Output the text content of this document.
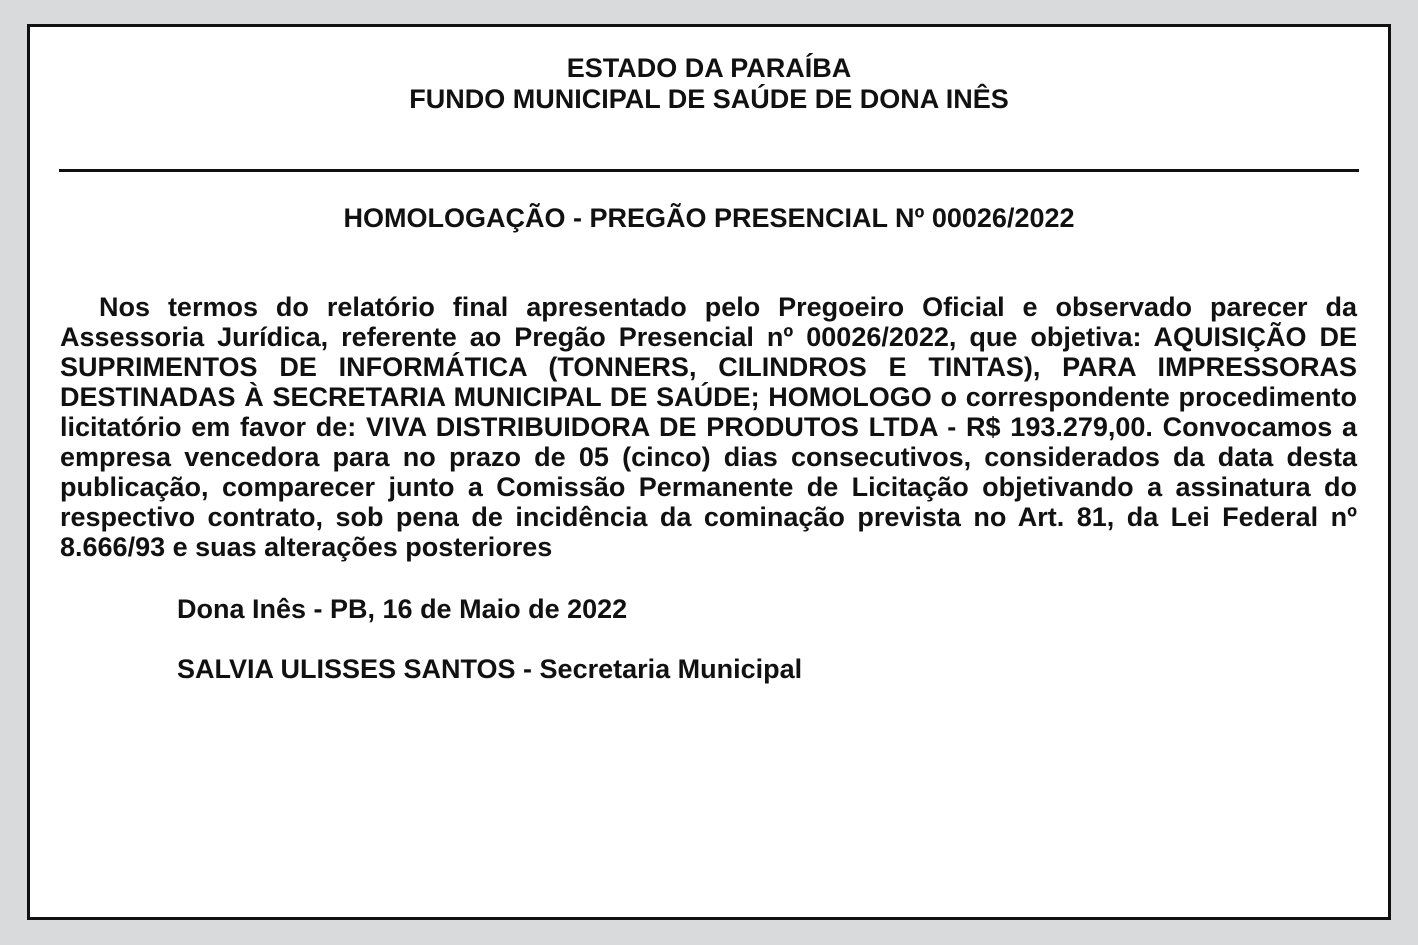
ESTADO DA PARAÍBA
FUNDO MUNICIPAL DE SAÚDE DE DONA INÊS
HOMOLOGAÇÃO - PREGÃO PRESENCIAL Nº 00026/2022

Nos termos do relatório final apresentado pelo Pregoeiro Oficial e observado parecer da Assessoria Jurídica, referente ao Pregão Presencial nº 00026/2022, que objetiva: AQUISIÇÃO DE SUPRIMENTOS DE INFORMÁTICA (TONNERS, CILINDROS E TINTAS), PARA IMPRESSORAS DESTINADAS À SECRETARIA MUNICIPAL DE SAÚDE; HOMOLOGO o correspondente procedimento licitatório em favor de: VIVA DISTRIBUIDORA DE PRODUTOS LTDA - R$ 193.279,00. Convocamos a empresa vencedora para no prazo de 05 (cinco) dias consecutivos, considerados da data desta publicação, comparecer junto a Comissão Permanente de Licitação objetivando a assinatura do respectivo contrato, sob pena de incidência da cominação prevista no Art. 81, da Lei Federal nº 8.666/93 e suas alterações posteriores

Dona Inês - PB, 16 de Maio de 2022
SALVIA ULISSES SANTOS - Secretaria Municipal
